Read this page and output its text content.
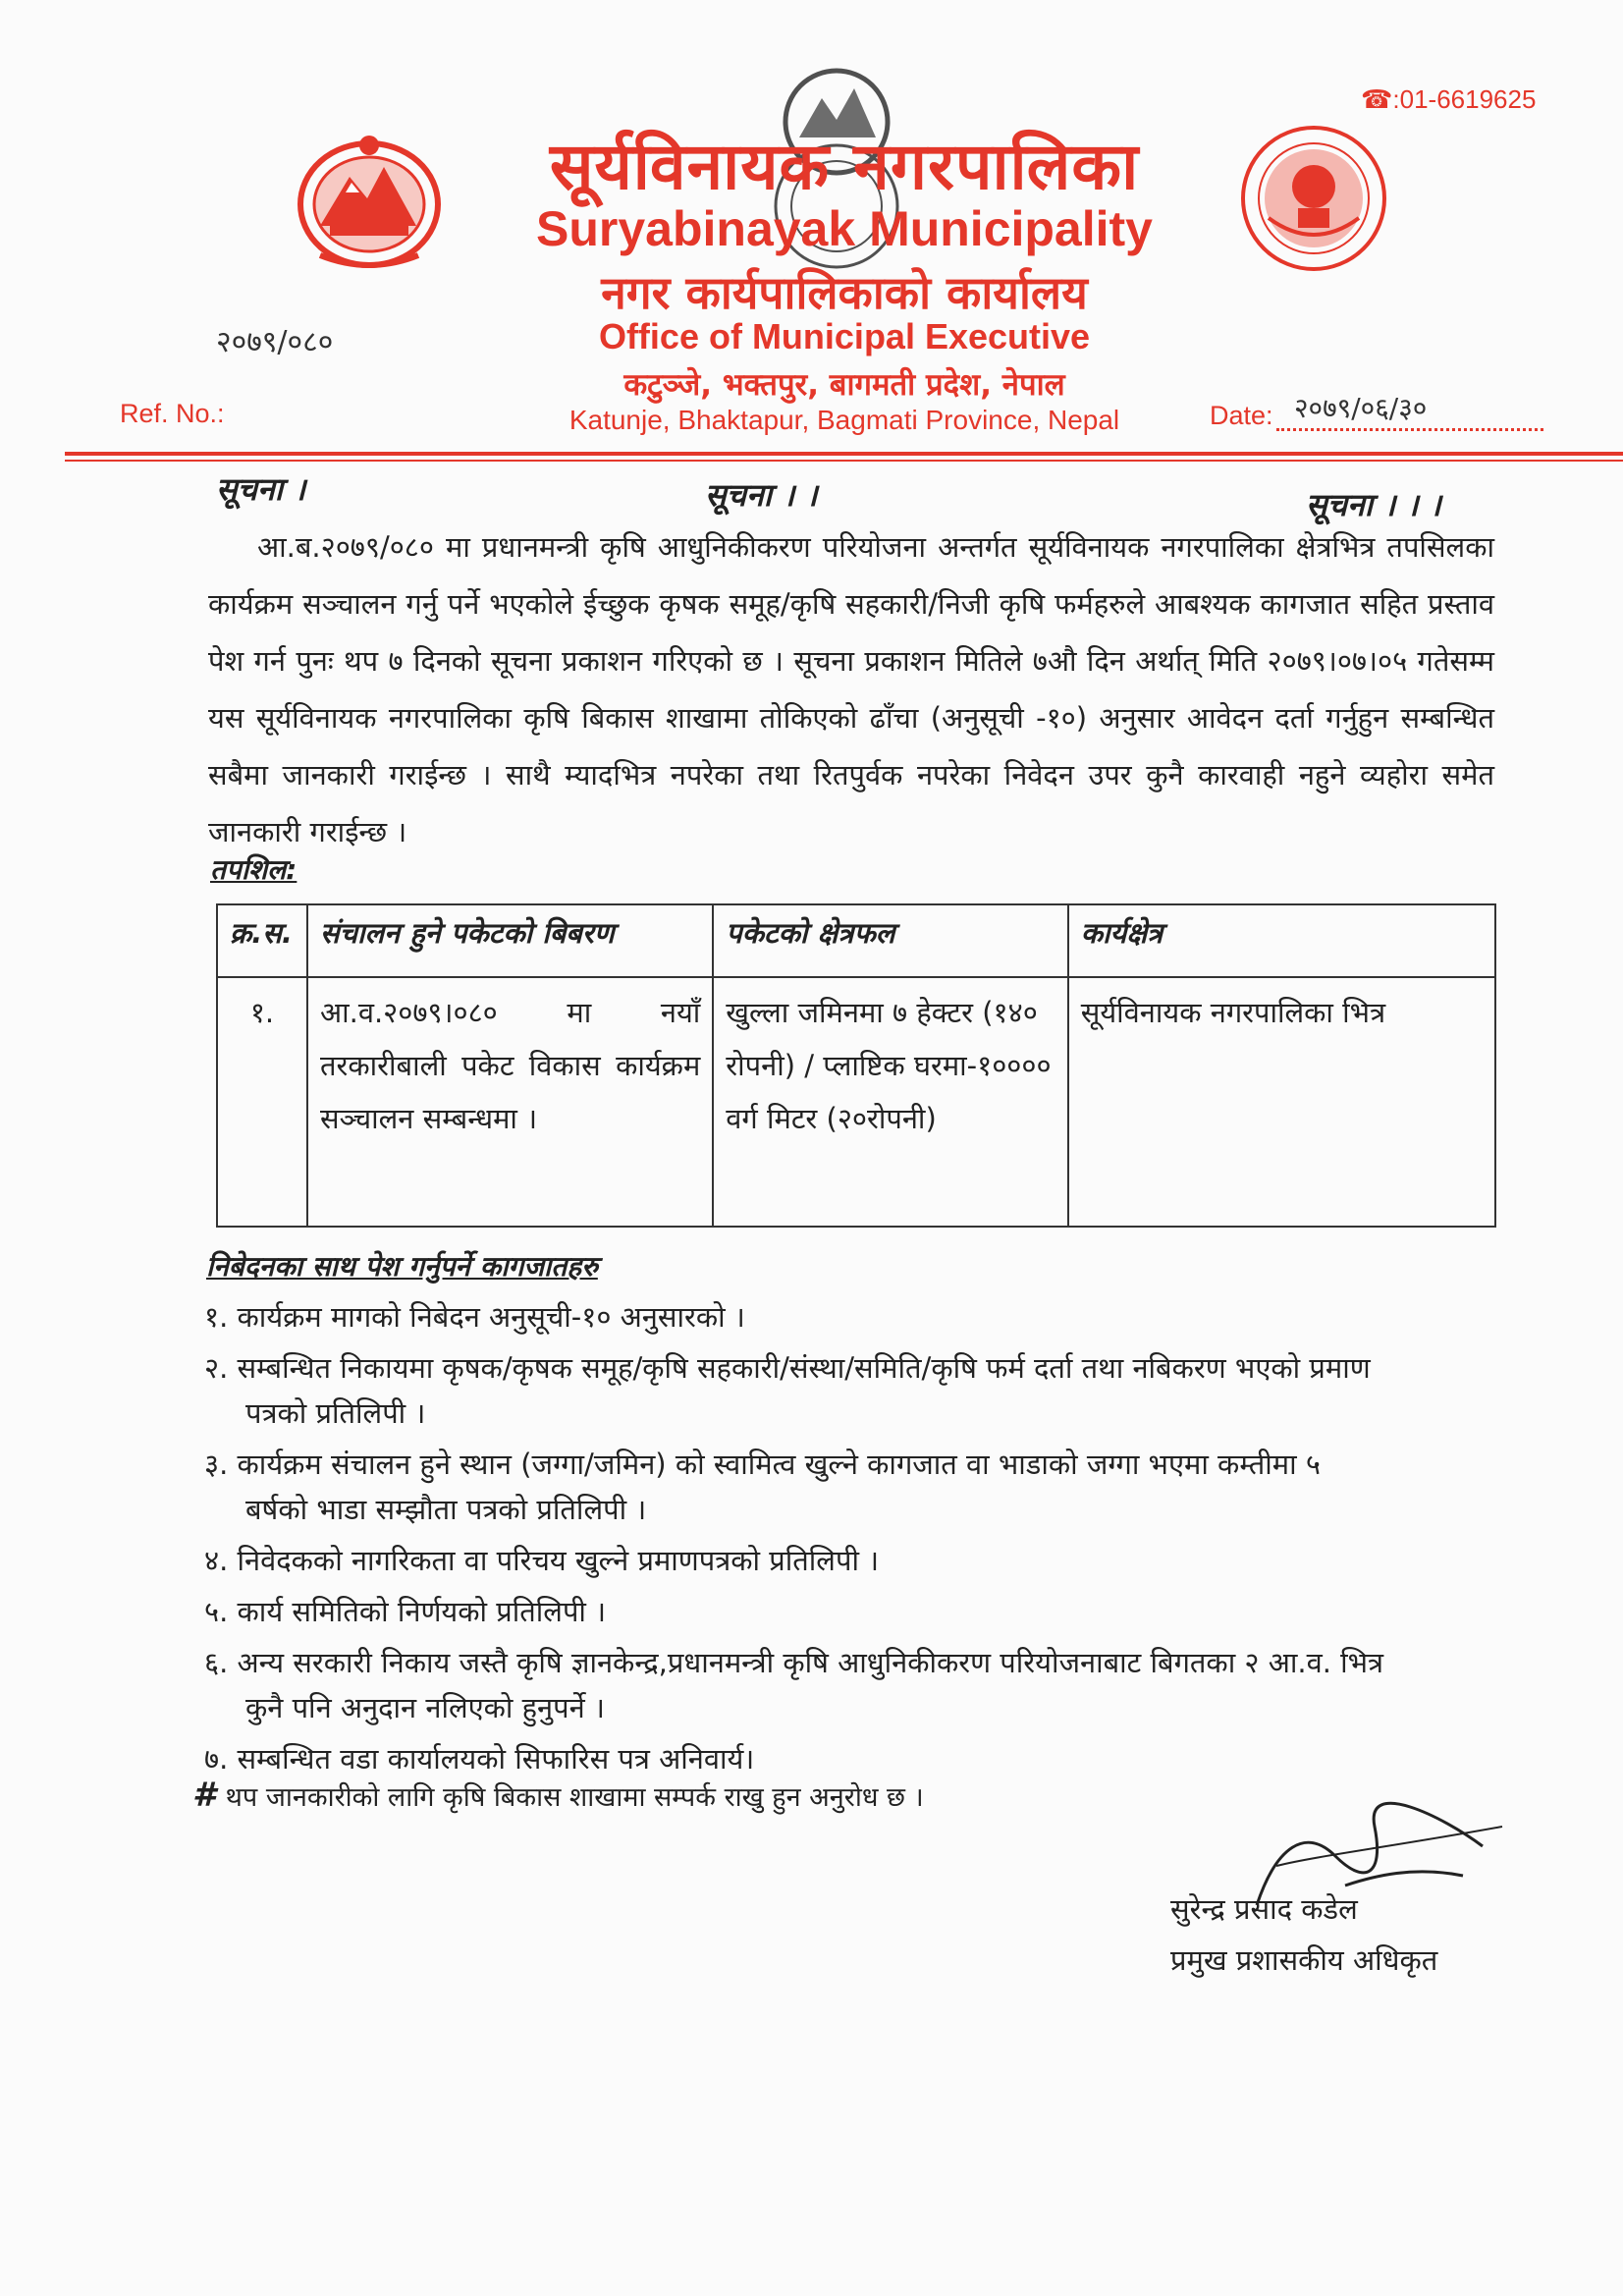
☎:01-6619625
सूर्यविनायक नगरपालिका
Suryabinayak Municipality
नगर कार्यपालिकाको कार्यालय
Office of Municipal Executive
कटुञ्जे, भक्तपुर, बागमती प्रदेश, नेपाल
Katunje, Bhaktapur, Bagmati Province, Nepal
२०७९/०८०
Ref. No.:	Date: २०७९/०६/३०
सूचना ।	सूचना । ।	सूचना । । ।
आ.ब.२०७९/०८० मा प्रधानमन्त्री कृषि आधुनिकीकरण परियोजना अन्तर्गत सूर्यविनायक नगरपालिका क्षेत्रभित्र तपसिलका कार्यक्रम सञ्चालन गर्नु पर्ने भएकोले ईच्छुक कृषक समूह/कृषि सहकारी/निजी कृषि फर्महरुले आबश्यक कागजात सहित प्रस्ताव पेश गर्न पुनः थप ७ दिनको सूचना प्रकाशन गरिएको छ । सूचना प्रकाशन मितिले ७औ दिन अर्थात् मिति २०७९।०७।०५ गतेसम्म यस सूर्यविनायक नगरपालिका कृषि बिकास शाखामा तोकिएको ढाँचा (अनुसूची -१०) अनुसार आवेदन दर्ता गर्नुहुन सम्बन्धित सबैमा जानकारी गराईन्छ । साथै म्यादभित्र नपरेका तथा रितपुर्वक नपरेका निवेदन उपर कुनै कारवाही नहुने व्यहोरा समेत जानकारी गराईन्छ ।
तपशिल:
क्र.स.	संचालन हुने पकेटको बिबरण	पकेटको क्षेत्रफल	कार्यक्षेत्र
१.	आ.व.२०७९।०८० मा नयाँ तरकारीबाली पकेट विकास कार्यक्रम सञ्चालन सम्बन्धमा ।	खुल्ला जमिनमा ७ हेक्टर (१४० रोपनी) / प्लाष्टिक घरमा-१०००० वर्ग मिटर (२०रोपनी)	सूर्यविनायक नगरपालिका भित्र
निबेदनका साथ पेश गर्नुपर्ने कागजातहरु
१. कार्यक्रम मागको निबेदन अनुसूची-१० अनुसारको ।
२. सम्बन्धित निकायमा कृषक/कृषक समूह/कृषि सहकारी/संस्था/समिति/कृषि फर्म दर्ता तथा नबिकरण भएको प्रमाण
पत्रको प्रतिलिपी ।
३. कार्यक्रम संचालन हुने स्थान (जग्गा/जमिन) को स्वामित्व खुल्ने कागजात वा भाडाको जग्गा भएमा कम्तीमा ५
बर्षको भाडा सम्झौता पत्रको प्रतिलिपी ।
४. निवेदकको नागरिकता वा परिचय खुल्ने प्रमाणपत्रको प्रतिलिपी ।
५. कार्य समितिको निर्णयको प्रतिलिपी ।
६. अन्य सरकारी निकाय जस्तै कृषि ज्ञानकेन्द्र,प्रधानमन्त्री कृषि आधुनिकीकरण परियोजनाबाट बिगतका २ आ.व. भित्र
कुनै पनि अनुदान नलिएको हुनुपर्ने ।
७. सम्बन्धित वडा कार्यालयको सिफारिस पत्र अनिवार्य।
# थप जानकारीको लागि कृषि बिकास शाखामा सम्पर्क राखु हुन अनुरोध छ ।
सुरेन्द्र प्रसाद कडेल
प्रमुख प्रशासकीय अधिकृत
